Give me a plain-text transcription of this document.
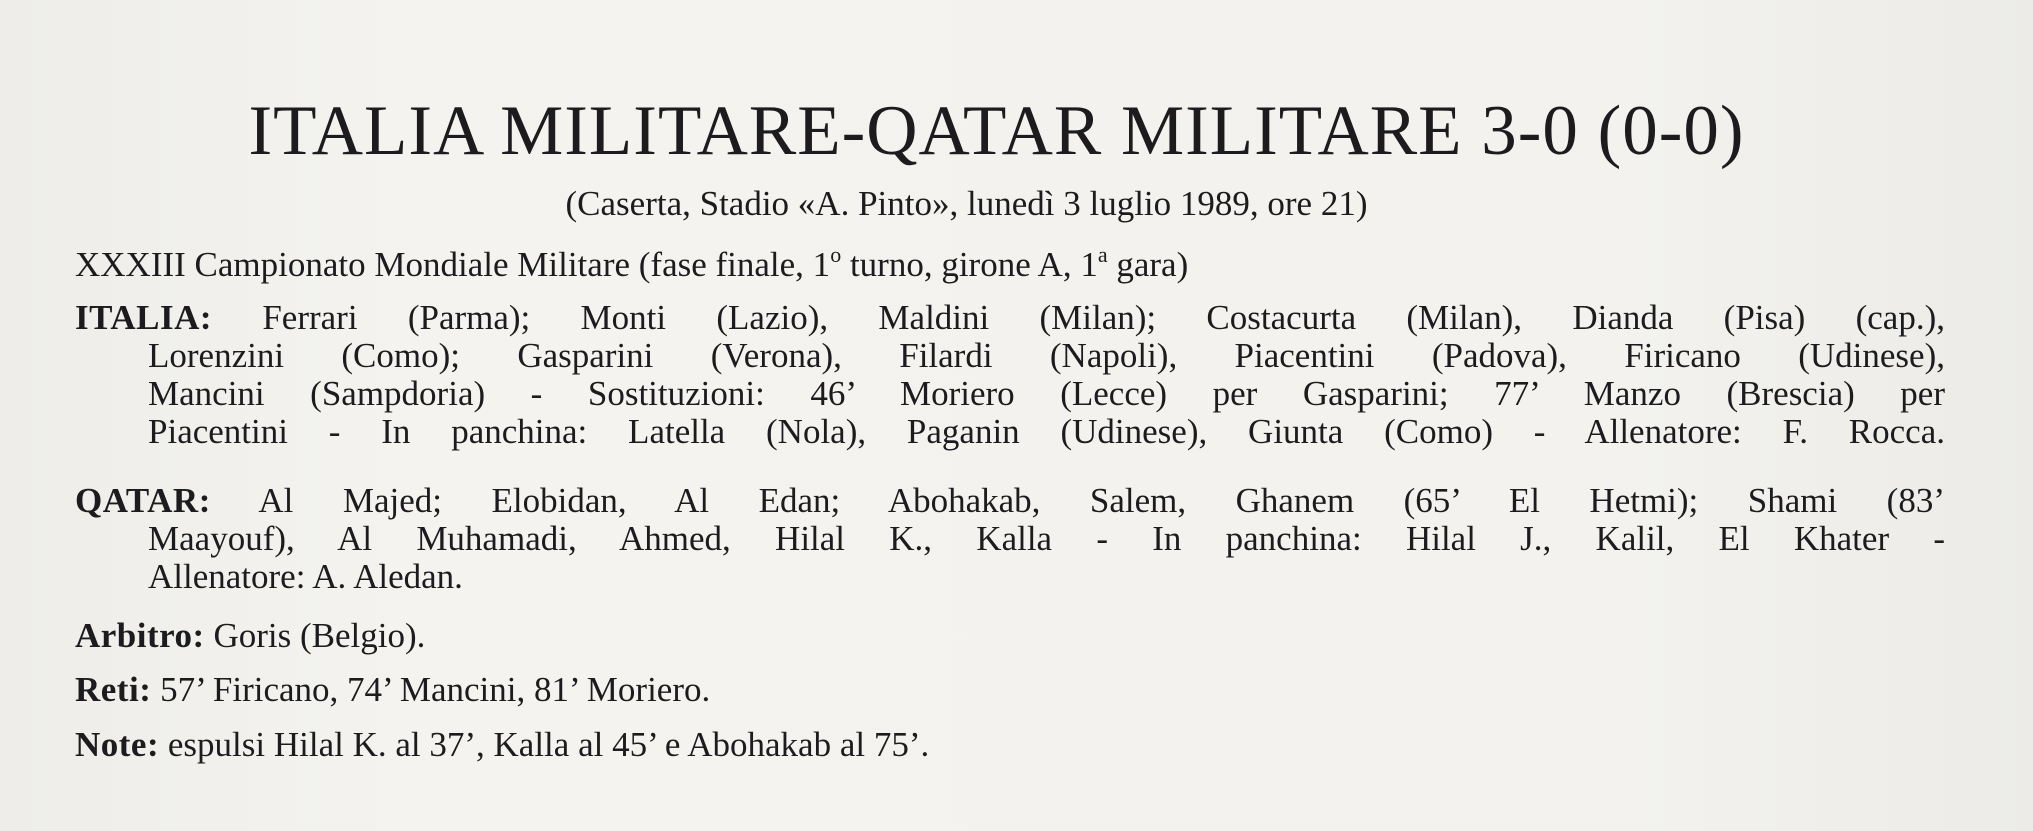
ITALIA MILITARE-QATAR MILITARE 3-0 (0-0)
(Caserta, Stadio «A. Pinto», lunedì 3 luglio 1989, ore 21)
XXXIII Campionato Mondiale Militare (fase finale, 1$^o$ turno, girone A, 1$^a$ gara)
ITALIA: Ferrari (Parma); Monti (Lazio), Maldini (Milan); Costacurta (Milan), Dianda (Pisa) (cap.),
Lorenzini (Como); Gasparini (Verona), Filardi (Napoli), Piacentini (Padova), Firicano (Udinese),
Mancini (Sampdoria) - Sostituzioni: 46’ Moriero (Lecce) per Gasparini; 77’ Manzo (Brescia) per
Piacentini - In panchina: Latella (Nola), Paganin (Udinese), Giunta (Como) - Allenatore: F. Rocca.
QATAR: Al Majed; Elobidan, Al Edan; Abohakab, Salem, Ghanem (65’ El Hetmi); Shami (83’
Maayouf), Al Muhamadi, Ahmed, Hilal K., Kalla - In panchina: Hilal J., Kalil, El Khater -
Allenatore: A. Aledan.
Arbitro: Goris (Belgio).
Reti: 57’ Firicano, 74’ Mancini, 81’ Moriero.
Note: espulsi Hilal K. al 37’, Kalla al 45’ e Abohakab al 75’.
